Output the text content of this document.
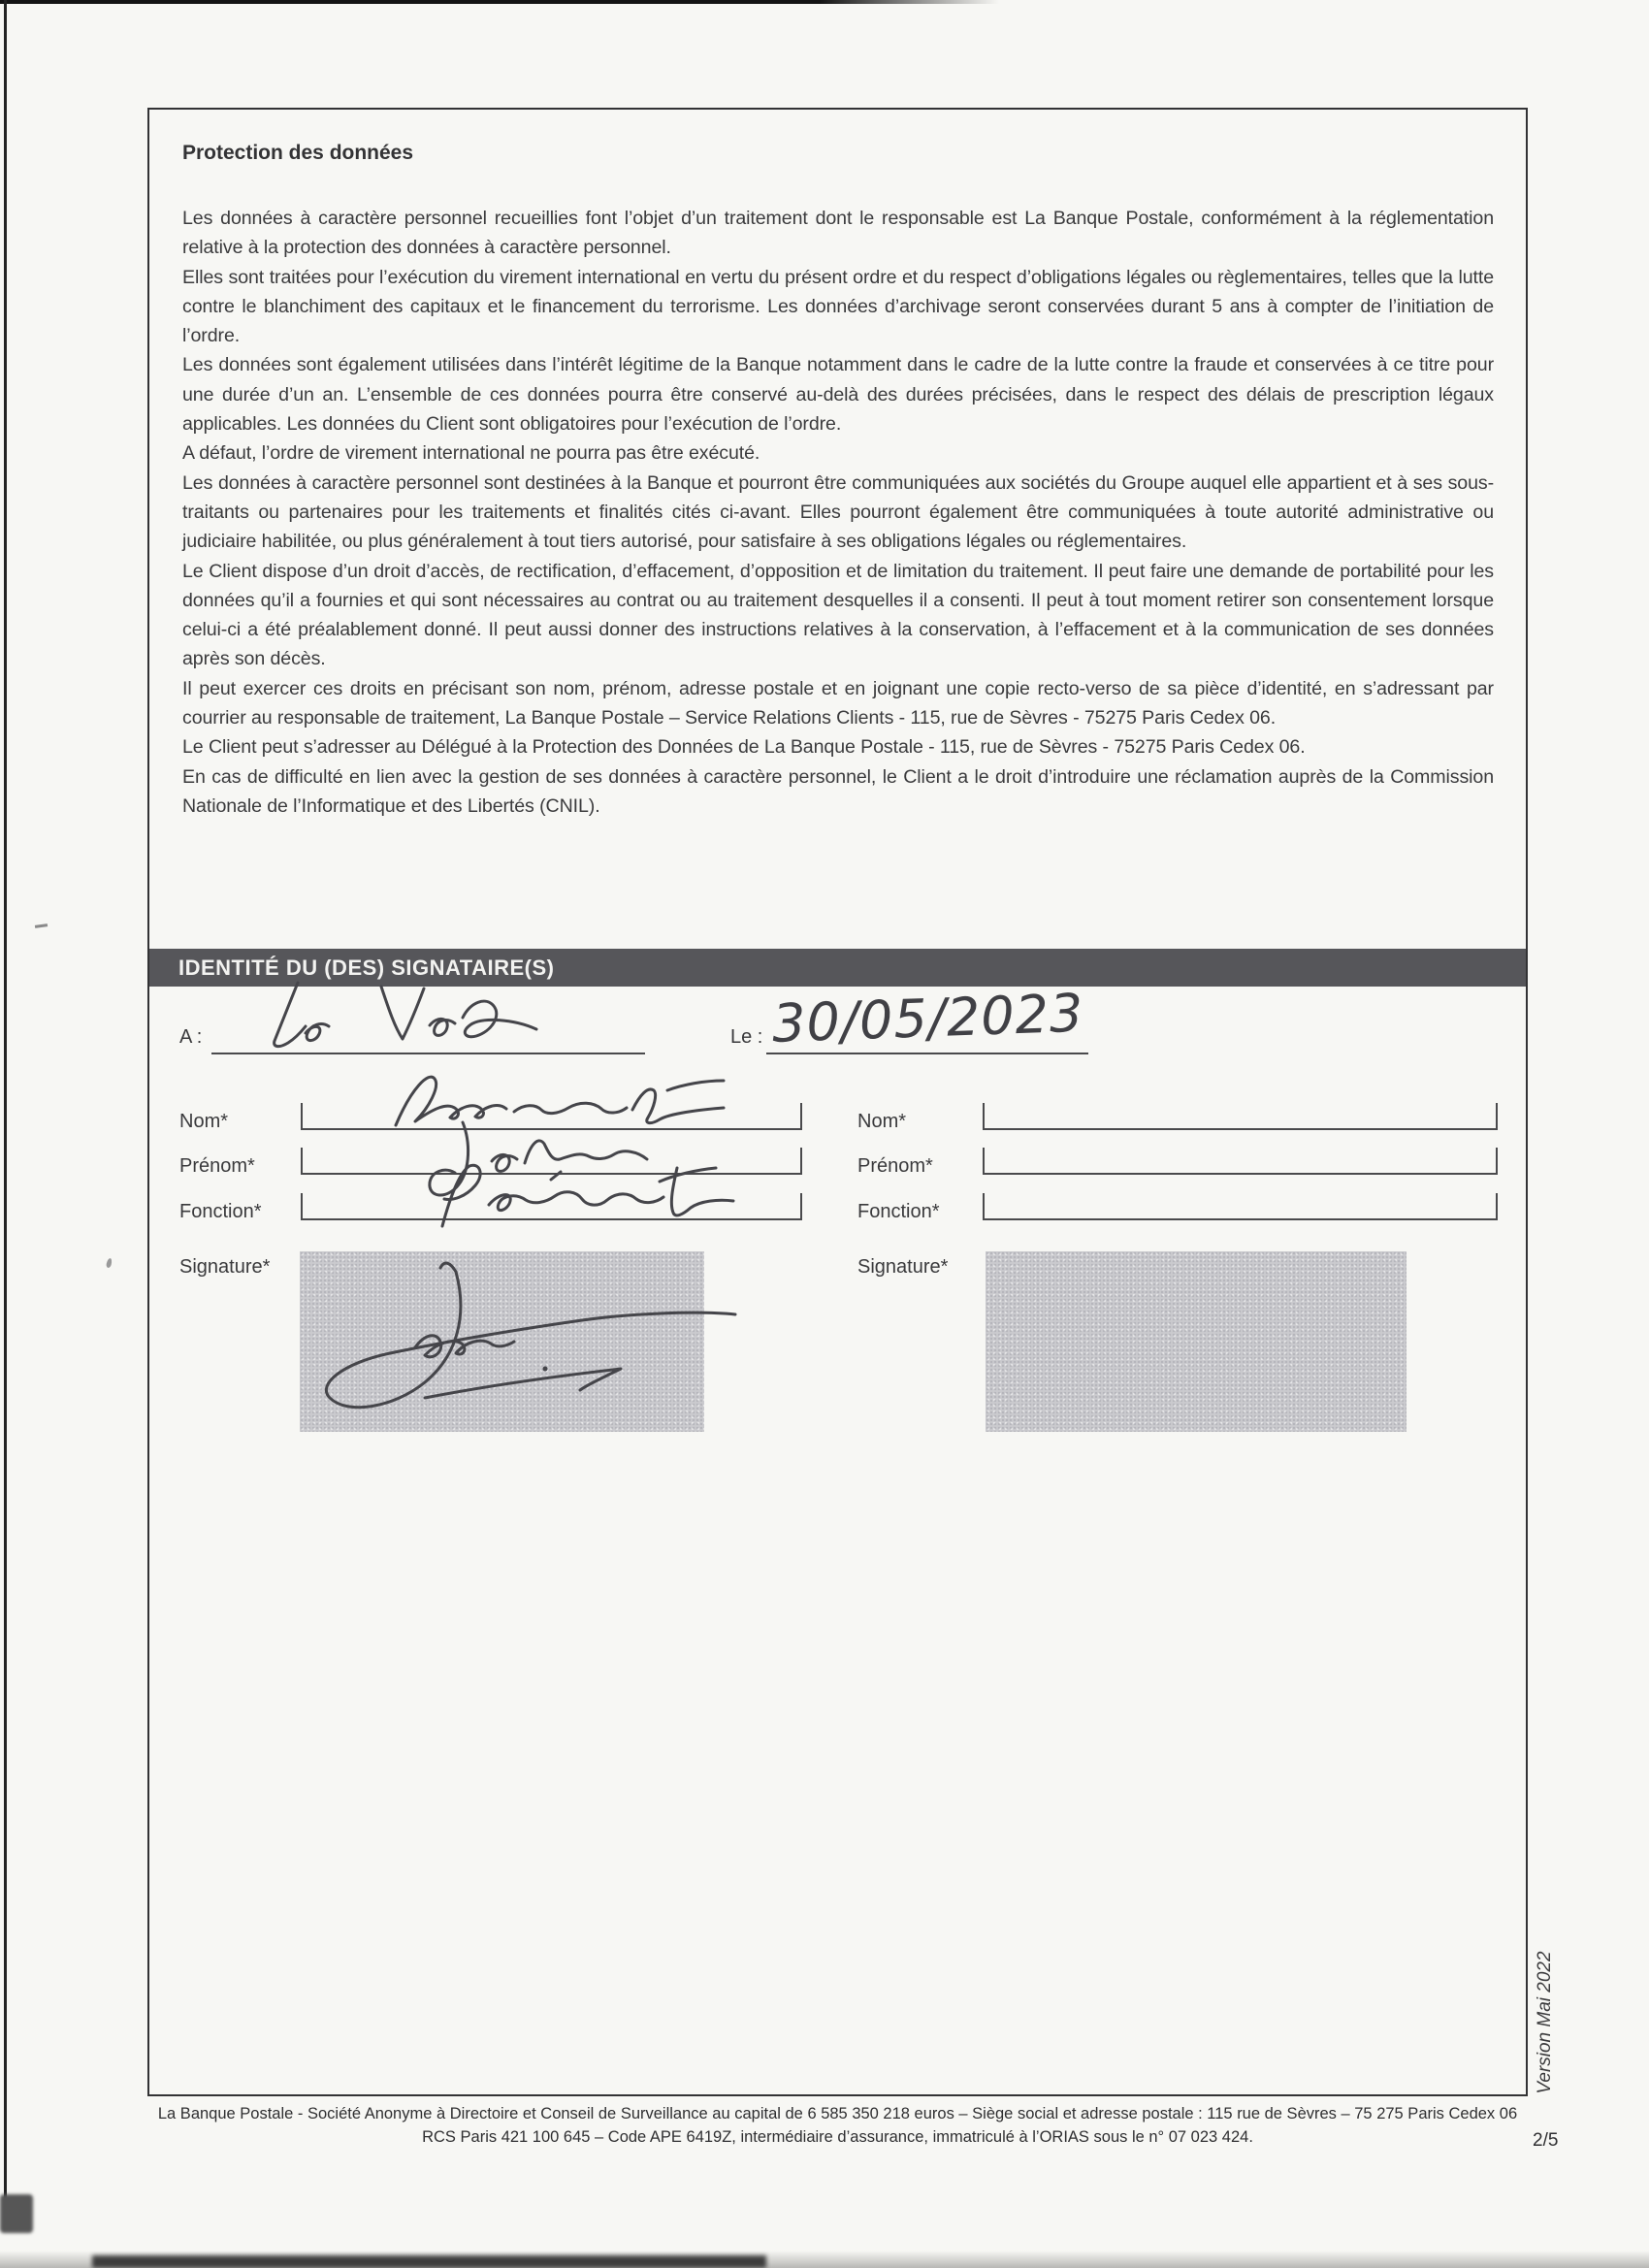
Protection des données

Les données à caractère personnel recueillies font l’objet d’un traitement dont le responsable est La Banque Postale, conformément à la réglementation relative à la protection des données à caractère personnel.

Elles sont traitées pour l’exécution du virement international en vertu du présent ordre et du respect d’obligations légales ou règlementaires, telles que la lutte contre le blanchiment des capitaux et le financement du terrorisme. Les données d’archivage seront conservées durant 5 ans à compter de l’initiation de l’ordre.

Les données sont également utilisées dans l’intérêt légitime de la Banque notamment dans le cadre de la lutte contre la fraude et conservées à ce titre pour une durée d’un an. L’ensemble de ces données pourra être conservé au-delà des durées précisées, dans le respect des délais de prescription légaux applicables. Les données du Client sont obligatoires pour l’exécution de l’ordre.

A défaut, l’ordre de virement international ne pourra pas être exécuté.

Les données à caractère personnel sont destinées à la Banque et pourront être communiquées aux sociétés du Groupe auquel elle appartient et à ses sous-traitants ou partenaires pour les traitements et finalités cités ci-avant. Elles pourront également être communiquées à toute autorité administrative ou judiciaire habilitée, ou plus généralement à tout tiers autorisé, pour satisfaire à ses obligations légales ou réglementaires.

Le Client dispose d’un droit d’accès, de rectification, d’effacement, d’opposition et de limitation du traitement. Il peut faire une demande de portabilité pour les données qu’il a fournies et qui sont nécessaires au contrat ou au traitement desquelles il a consenti. Il peut à tout moment retirer son consentement lorsque celui-ci a été préalablement donné. Il peut aussi donner des instructions relatives à la conservation, à l’effacement et à la communication de ses données après son décès.

Il peut exercer ces droits en précisant son nom, prénom, adresse postale et en joignant une copie recto-verso de sa pièce d’identité, en s’adressant par courrier au responsable de traitement, La Banque Postale – Service Relations Clients - 115, rue de Sèvres - 75275 Paris Cedex 06.

Le Client peut s’adresser au Délégué à la Protection des Données de La Banque Postale - 115, rue de Sèvres - 75275 Paris Cedex 06.

En cas de difficulté en lien avec la gestion de ses données à caractère personnel, le Client a le droit d’introduire une réclamation auprès de la Commission Nationale de l’Informatique et des Libertés (CNIL).

IDENTITÉ DU (DES) SIGNATAIRE(S)
A :	Le : 30/05/2023
Nom*
Prénom*
Fonction*
Nom*
Prénom*
Fonction*
Signature*	Signature*
La Banque Postale - Société Anonyme à Directoire et Conseil de Surveillance au capital de 6 585 350 218 euros – Siège social et adresse postale : 115 rue de Sèvres – 75 275 Paris Cedex 06
RCS Paris 421 100 645 – Code APE 6419Z, intermédiaire d’assurance, immatriculé à l’ORIAS sous le n° 07 023 424.
Version Mai 2022
2/5
